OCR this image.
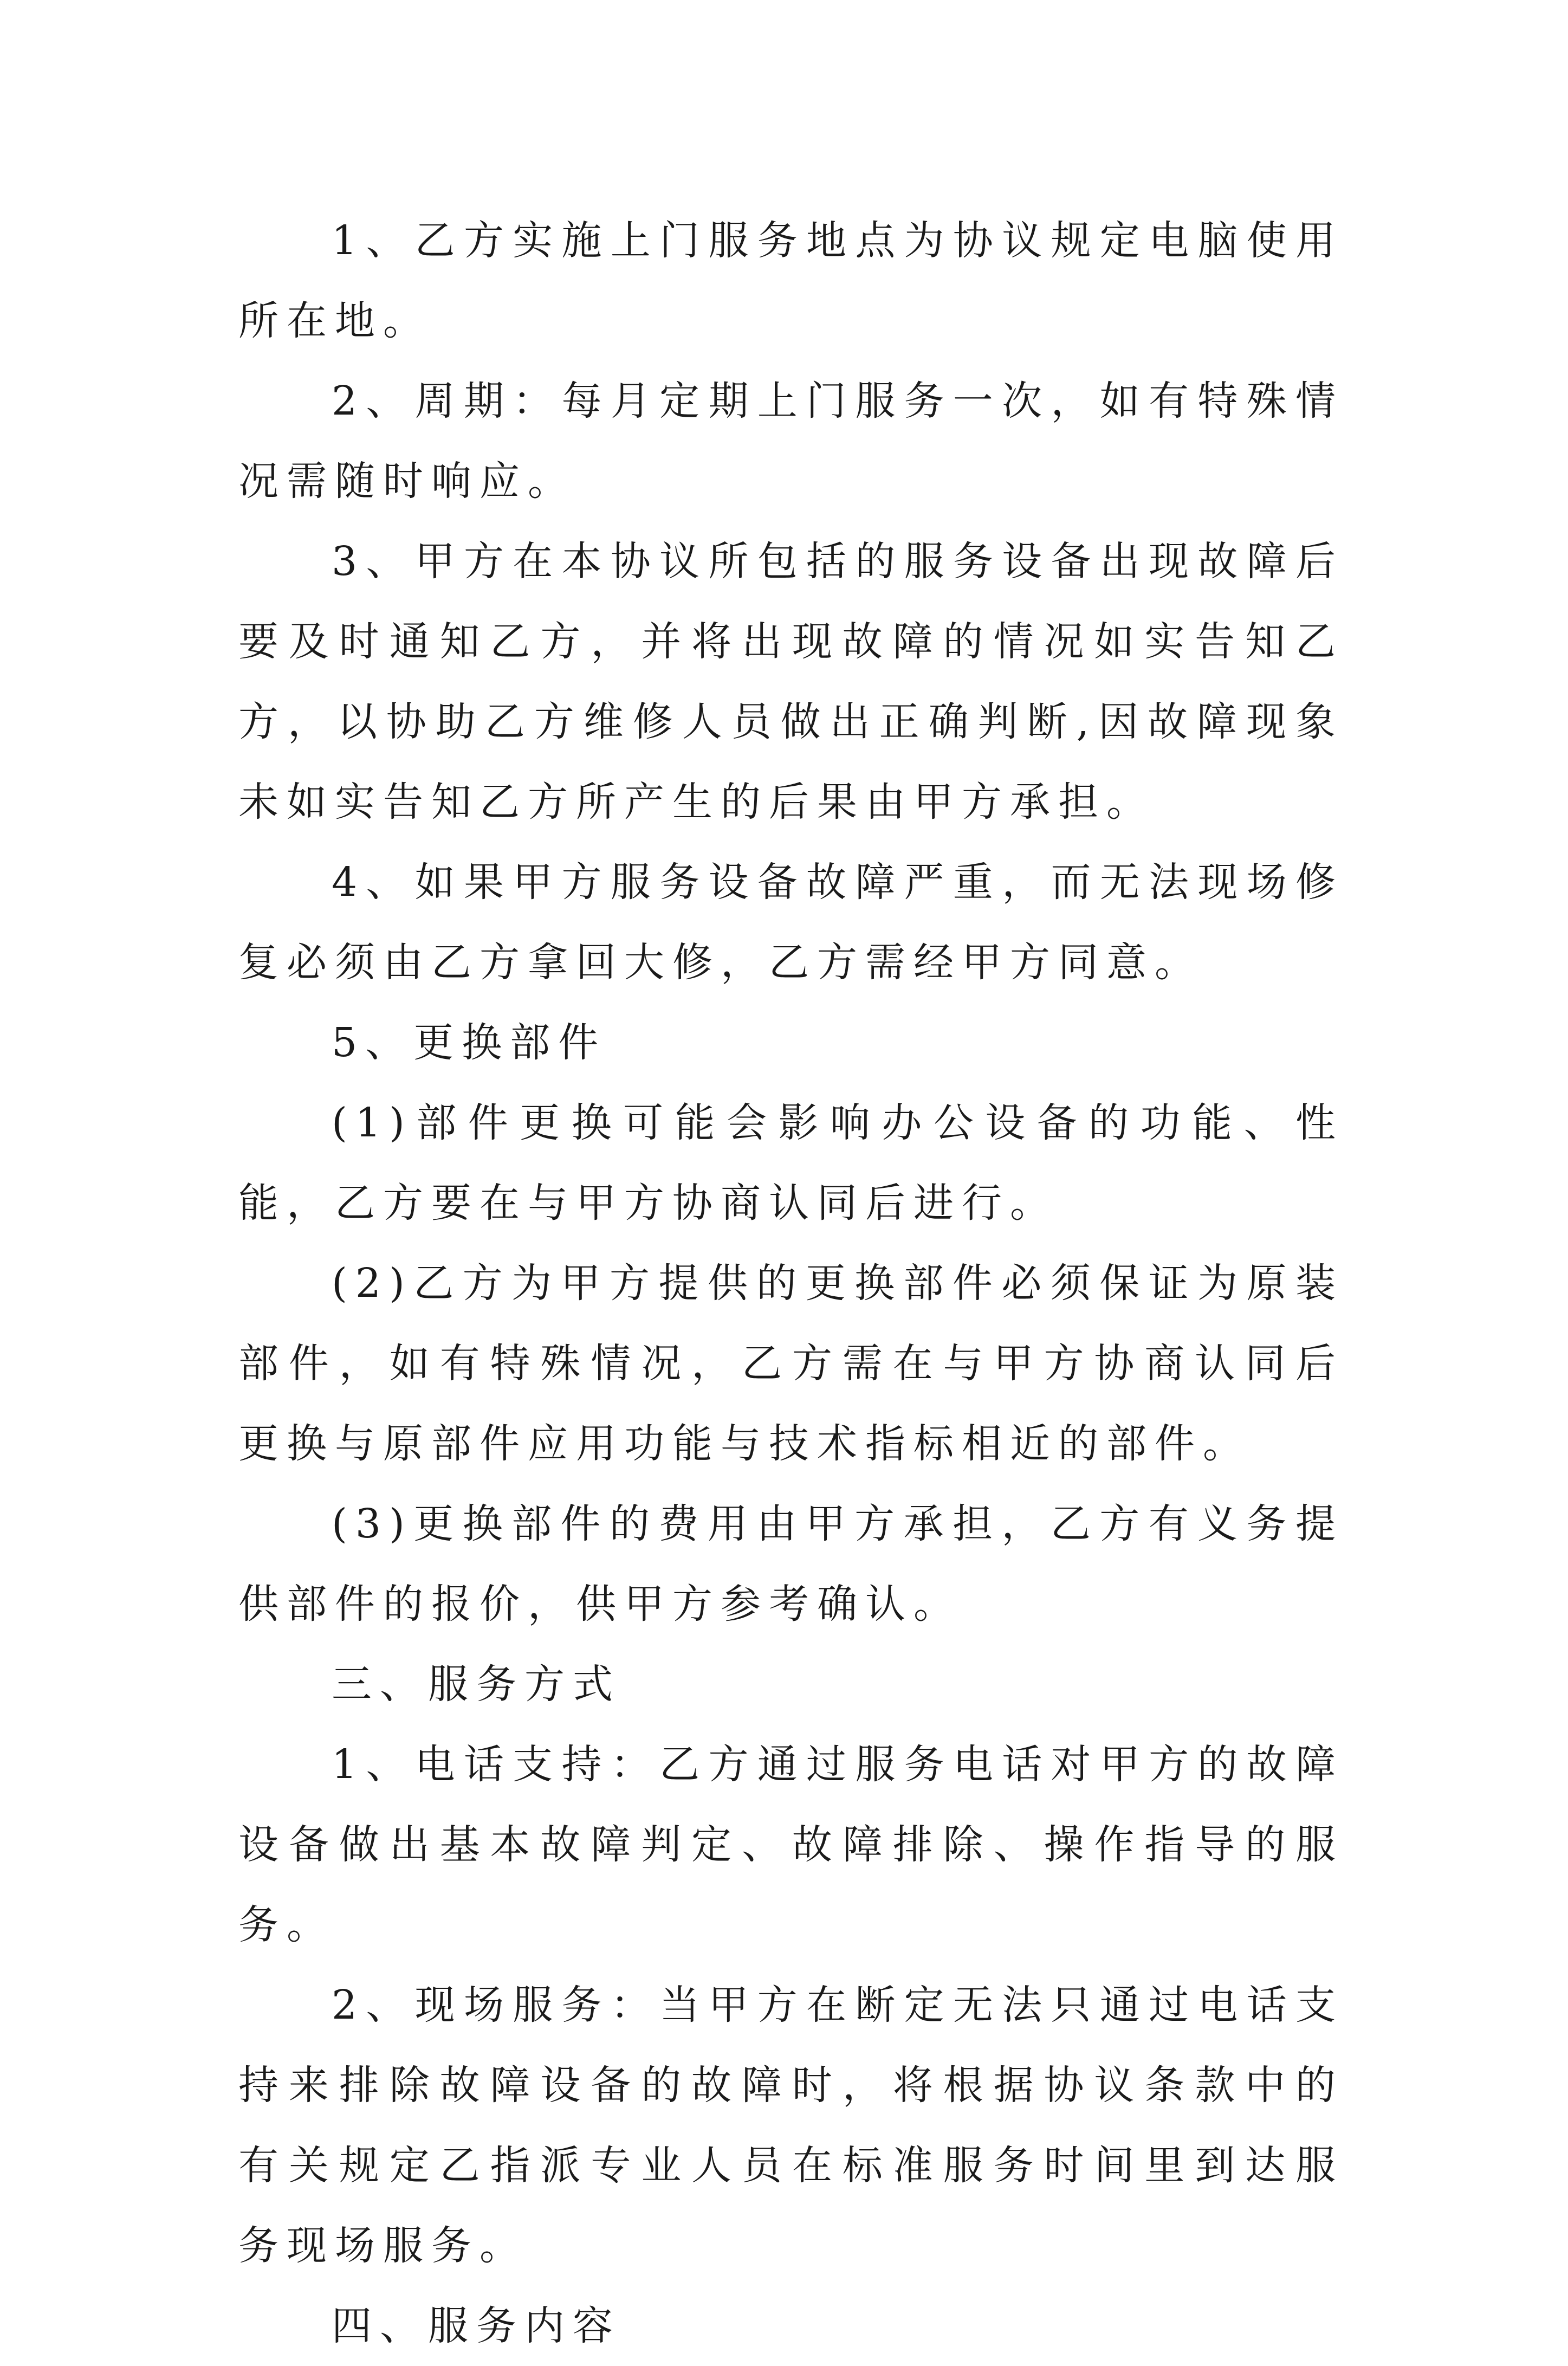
1、乙方实施上门服务地点为协议规定电脑使用所在地。

2、周期：每月定期上门服务一次，如有特殊情况需随时响应。

3、甲方在本协议所包括的服务设备出现故障后要及时通知乙方，并将出现故障的情况如实告知乙方，以协助乙方维修人员做出正确判断,因故障现象未如实告知乙方所产生的后果由甲方承担。

4、如果甲方服务设备故障严重，而无法现场修复必须由乙方拿回大修，乙方需经甲方同意。

5、更换部件

(1)部件更换可能会影响办公设备的功能、性能，乙方要在与甲方协商认同后进行。

(2)乙方为甲方提供的更换部件必须保证为原装部件，如有特殊情况，乙方需在与甲方协商认同后更换与原部件应用功能与技术指标相近的部件。

(3)更换部件的费用由甲方承担，乙方有义务提供部件的报价，供甲方参考确认。

三、服务方式

1、电话支持：乙方通过服务电话对甲方的故障设备做出基本故障判定、故障排除、操作指导的服务。

2、现场服务：当甲方在断定无法只通过电话支持来排除故障设备的故障时，将根据协议条款中的有关规定乙指派专业人员在标准服务时间里到达服务现场服务。

四、服务内容
